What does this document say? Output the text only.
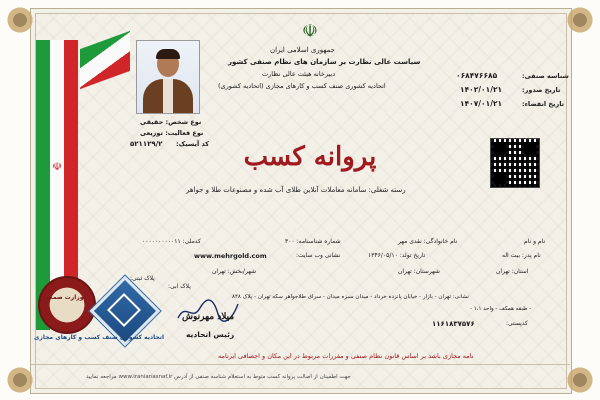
☫
وزارت صمت
نوع شخص: حقیقی
نوع فعالیت: توزیعی
کد آیسیک:
۵۲۱۱۲۹/۲
☫
جمهوری اسلامی ایران
سیاست عالی نظارت بر سازمان های نظام صنفی کشور
دبیرخانه هیئت عالی نظارت
اتحادیه کشوری صنف کسب و کارهای مجازی (اتحادیه کشوری)
شناسه صنفی:
۰۶۸۴۷۶۶۸۵
تاریخ صدور:
۱۴۰۲/۰۱/۲۱
تاریخ انقضاء:
۱۴۰۷/۰۱/۲۱
پروانه کسب
رسته شغلی: سامانه معاملات آنلاین طلای آب شده و مصنوعات طلا و جواهر
نام و نام
نام خانوادگی: نقدی مهر
شماره شناسنامه: ۳۰۰
کدملی: ۰۰۰۰۰۰۰۰۰۰۱۱
نام پدر: بیت اله
تاریخ تولد: ۱۳۴۶/۰۵/۱۰
نشانی وب سایت:
www.mehrgold.com
استان: تهران
شهرستان: تهران
شهر/بخش: تهران
پلاک ثبتی:
پلاک ابی:
نشانی: تهران - بازار - خیابان پانزده خرداد - میدان سبزه میدان - سرای طلاجواهر سکه تهران - پلاک ۸۴۸
- طبقه همکف - واحد ۱،۱ -
کدپستی:
۱۱۶۱۸۳۷۵۷۶
اتحادیه کشوری صنف کسب و کارهای مجازی
میلاد مهرنوش
رئیس اتحادیه
نامه مجازی باشد بر اساس قانون نظام صنفی و مقررات مربوط در این مکان و اجصافی ایرنامه
جهت اطمینان از اصالت پروانه کسب متوط به استعلام شناسه صنفی از آدرس www.iranianasnaf.ir مراجعه نمایید
